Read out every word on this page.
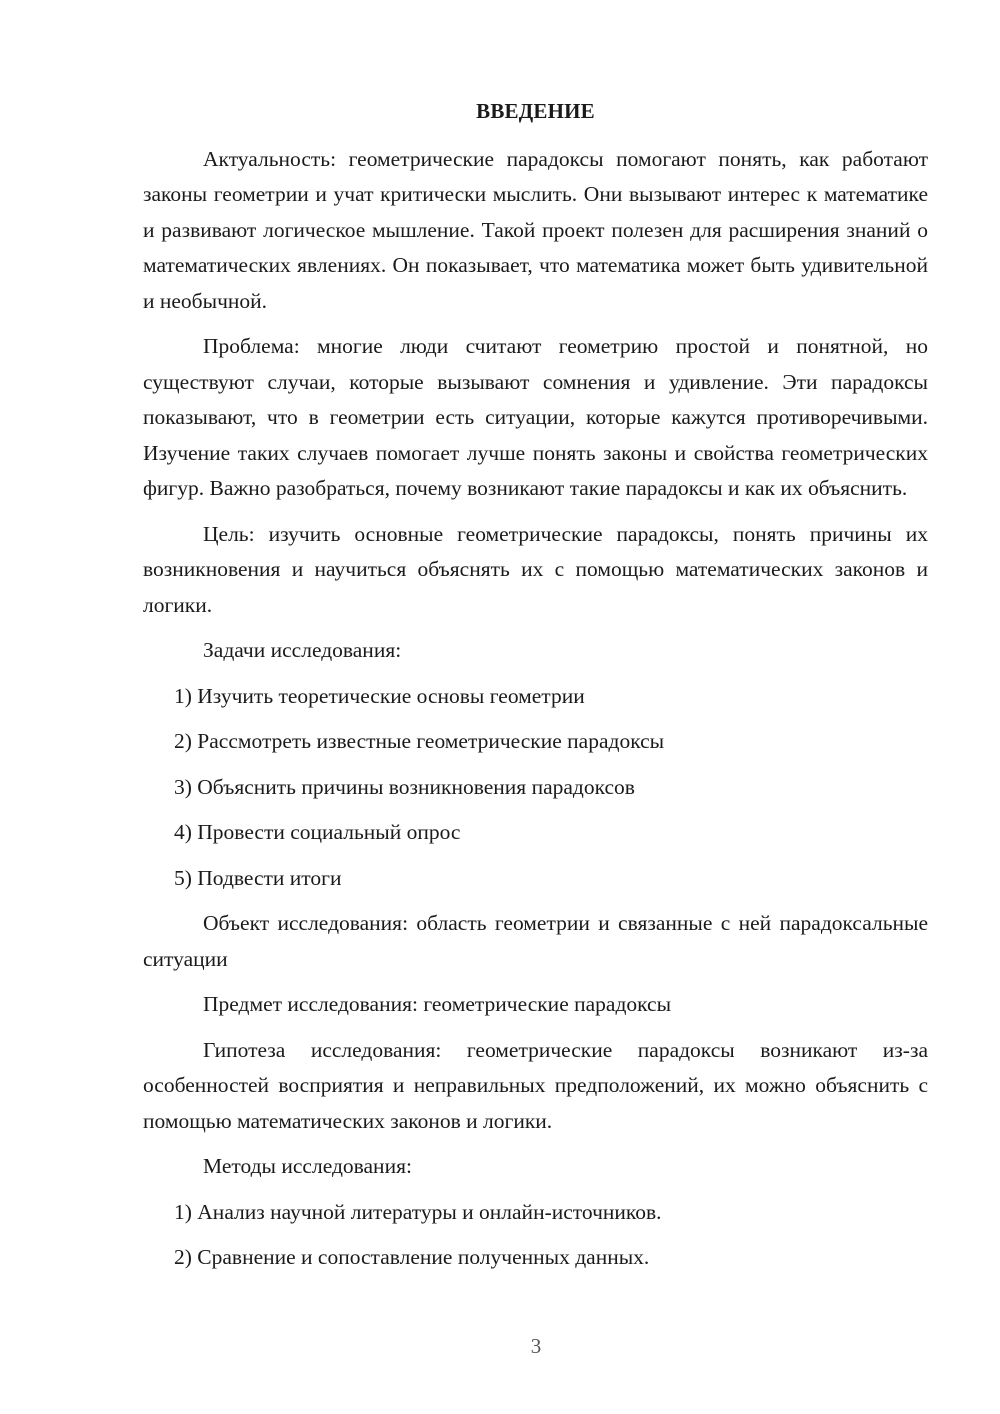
ВВЕДЕНИЕ

Актуальность: геометрические парадоксы помогают понять, как работают законы геометрии и учат критически мыслить. Они вызывают интерес к математике и развивают логическое мышление. Такой проект полезен для расширения знаний о математических явлениях. Он показывает, что математика может быть удивительной и необычной.

Проблема: многие люди считают геометрию простой и понятной, но существуют случаи, которые вызывают сомнения и удивление. Эти парадоксы показывают, что в геометрии есть ситуации, которые кажутся противоречивыми. Изучение таких случаев помогает лучше понять законы и свойства геометрических фигур. Важно разобраться, почему возникают такие парадоксы и как их объяснить.

Цель: изучить основные геометрические парадоксы, понять причины их возникновения и научиться объяснять их с помощью математических законов и логики.

Задачи исследования:

1) Изучить теоретические основы геометрии
2) Рассмотреть известные геометрические парадоксы
3) Объяснить причины возникновения парадоксов
4) Провести социальный опрос
5) Подвести итоги

Объект исследования: область геометрии и связанные с ней парадоксальные ситуации

Предмет исследования: геометрические парадоксы

Гипотеза исследования: геометрические парадоксы возникают из-за особенностей восприятия и неправильных предположений, их можно объяснить с помощью математических законов и логики.

Методы исследования:

1) Анализ научной литературы и онлайн-источников.
2) Сравнение и сопоставление полученных данных.
3
